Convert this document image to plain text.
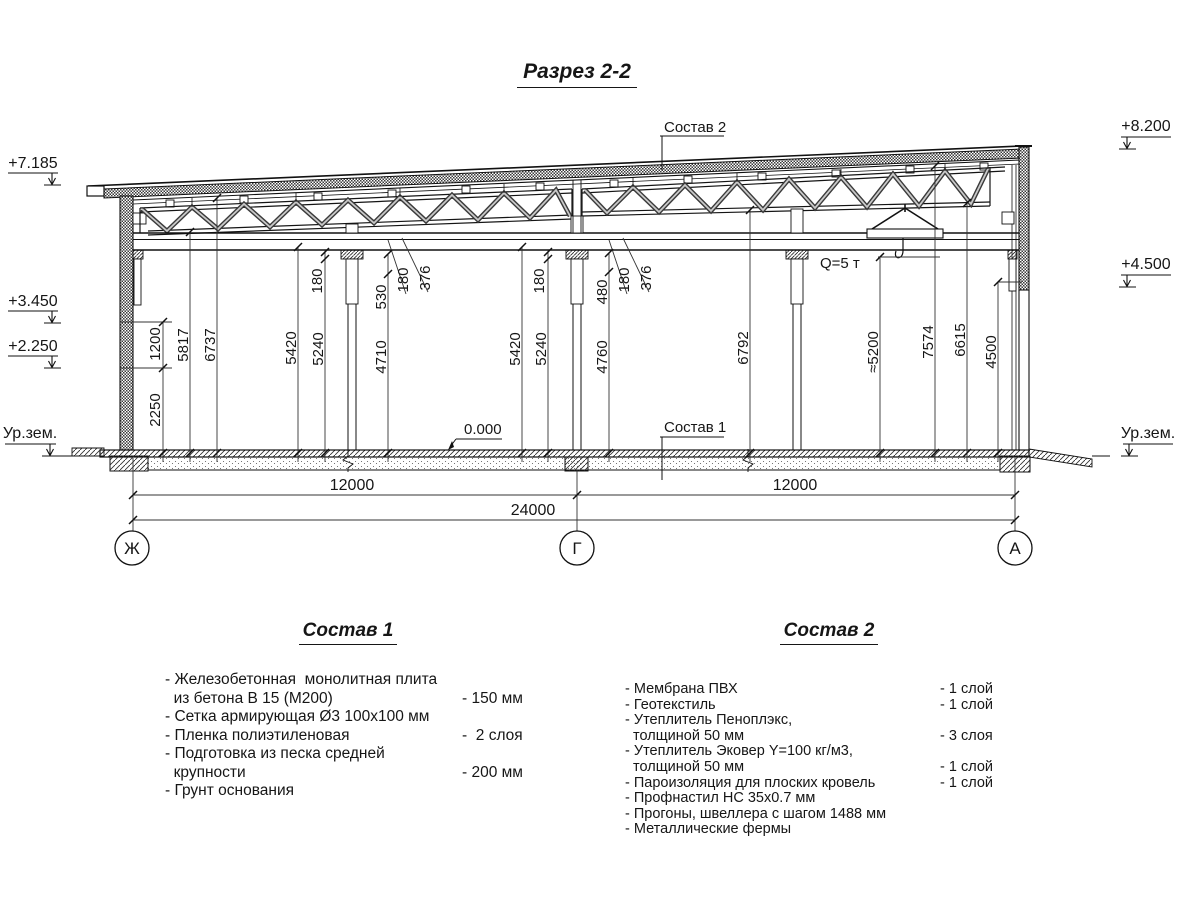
Q=5 т
1200
2250
5817 6737	5420 5240
180
530
4710
180 376
5420 5240
180	480
4760
180 376
6792	≈5200	7574 6615 4500
12000	12000
24000
Ж	Г	А
+7.185
+3.450
+2.250
Ур.зем.
+8.200
+4.500
Ур.зем.
Состав 2
Состав 1
0.000
Разрез 2-2
Состав 1
- Железобетонная  монолитная плита
из бетона В 15 (М200)	- 150 мм
- Сетка армирующая Ø3 100х100 мм
- Пленка полиэтиленовая	-  2 слоя
- Подготовка из песка средней
крупности	- 200 мм
- Грунт основания
Состав 2
- Мембрана ПВХ	- 1 слой
- Геотекстиль	- 1 слой
- Утеплитель Пеноплэкс,
толщиной 50 мм	- 3 слоя
- Утеплитель Эковер Y=100 кг/м3,
толщиной 50 мм	- 1 слой
- Пароизоляция для плоских кровель	- 1 слой
- Профнастил НС 35х0.7 мм
- Прогоны, швеллера с шагом 1488 мм
- Металлические фермы
